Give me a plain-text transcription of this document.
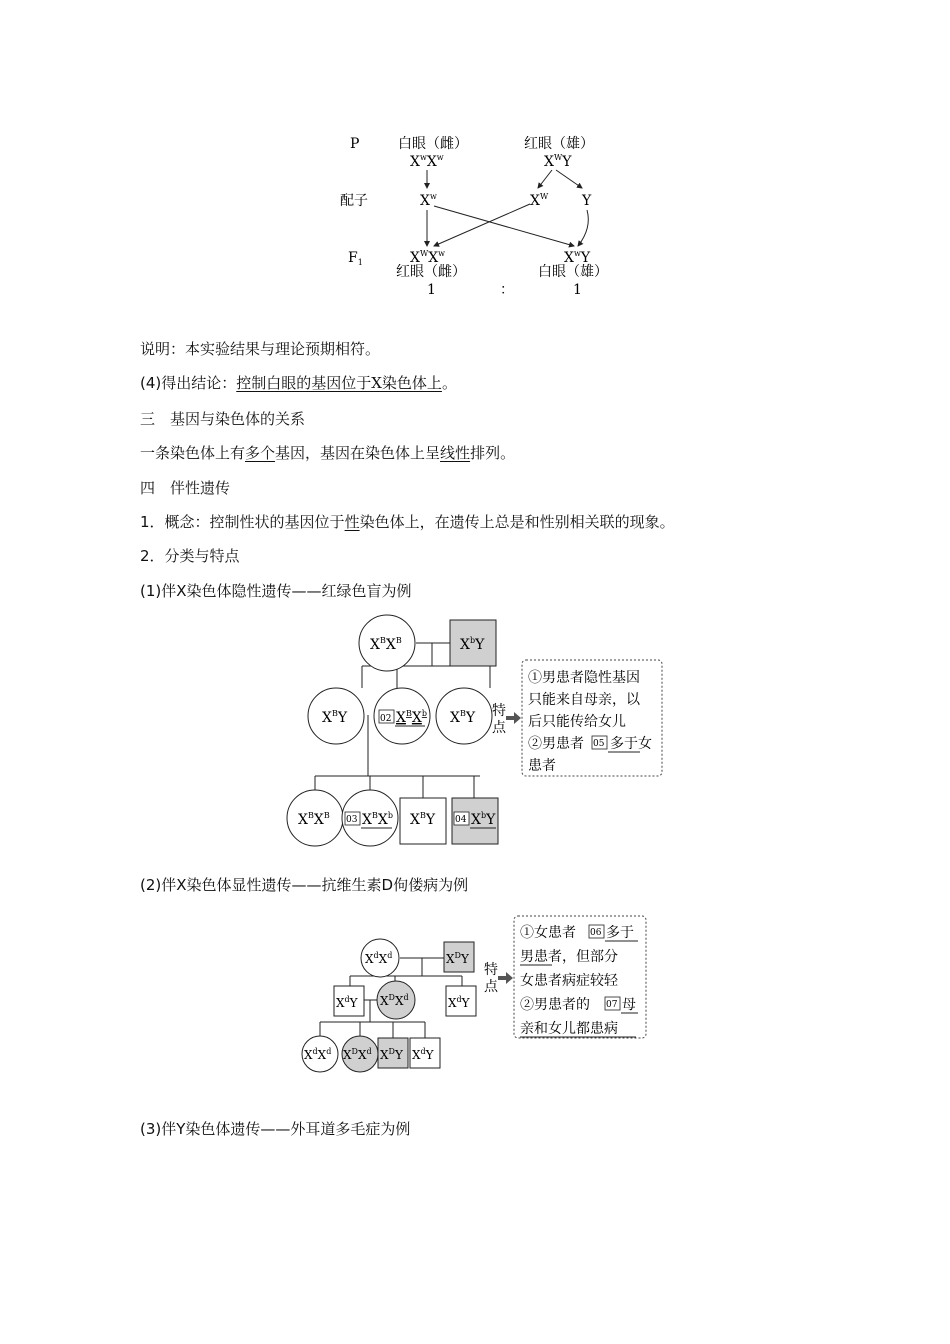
P
配子
$F_1$
白眼（雌）	红眼（雄）
$X^wX^w$	$X^WY$
$X^w$	$X^W$ Y
$X^WX^w$	$X^wY$
红眼（雌）	白眼（雄）
1	：	1
说明：本实验结果与理论预期相符。
(4)得出结论：控制白眼的基因位于X染色体上。
三　基因与染色体的关系
一条染色体上有多个基因，基因在染色体上呈线性排列。
四　伴性遗传
1．概念：控制性状的基因位于性染色体上，在遗传上总是和性别相关联的现象。
2．分类与特点
(1)伴X染色体隐性遗传——红绿色盲为例
$X^BX^B$	$X^bY$
$X^BY$	02 $X^BX^b$ $X^BY$ 特
点
①男患者隐性基因
只能来自母亲，以
后只能传给女儿
②男患者 05 多于女
患者
$X^BX^B$ 03 $X^BX^b$ $X^BY$ 04 $X^bY$
(2)伴X染色体显性遗传——抗维生素D佝偻病为例
$X^dX^d$	$X^DY$
$X^dY$ $X^DX^d$	$X^dY$
特
点
①女患者 06 多于
男患者，但部分
女患者病症较轻
②男患者的 07 母
亲和女儿都患病
$X^dX^d$ $X^DX^d$ $X^DY$ $X^dY$
(3)伴Y染色体遗传——外耳道多毛症为例
